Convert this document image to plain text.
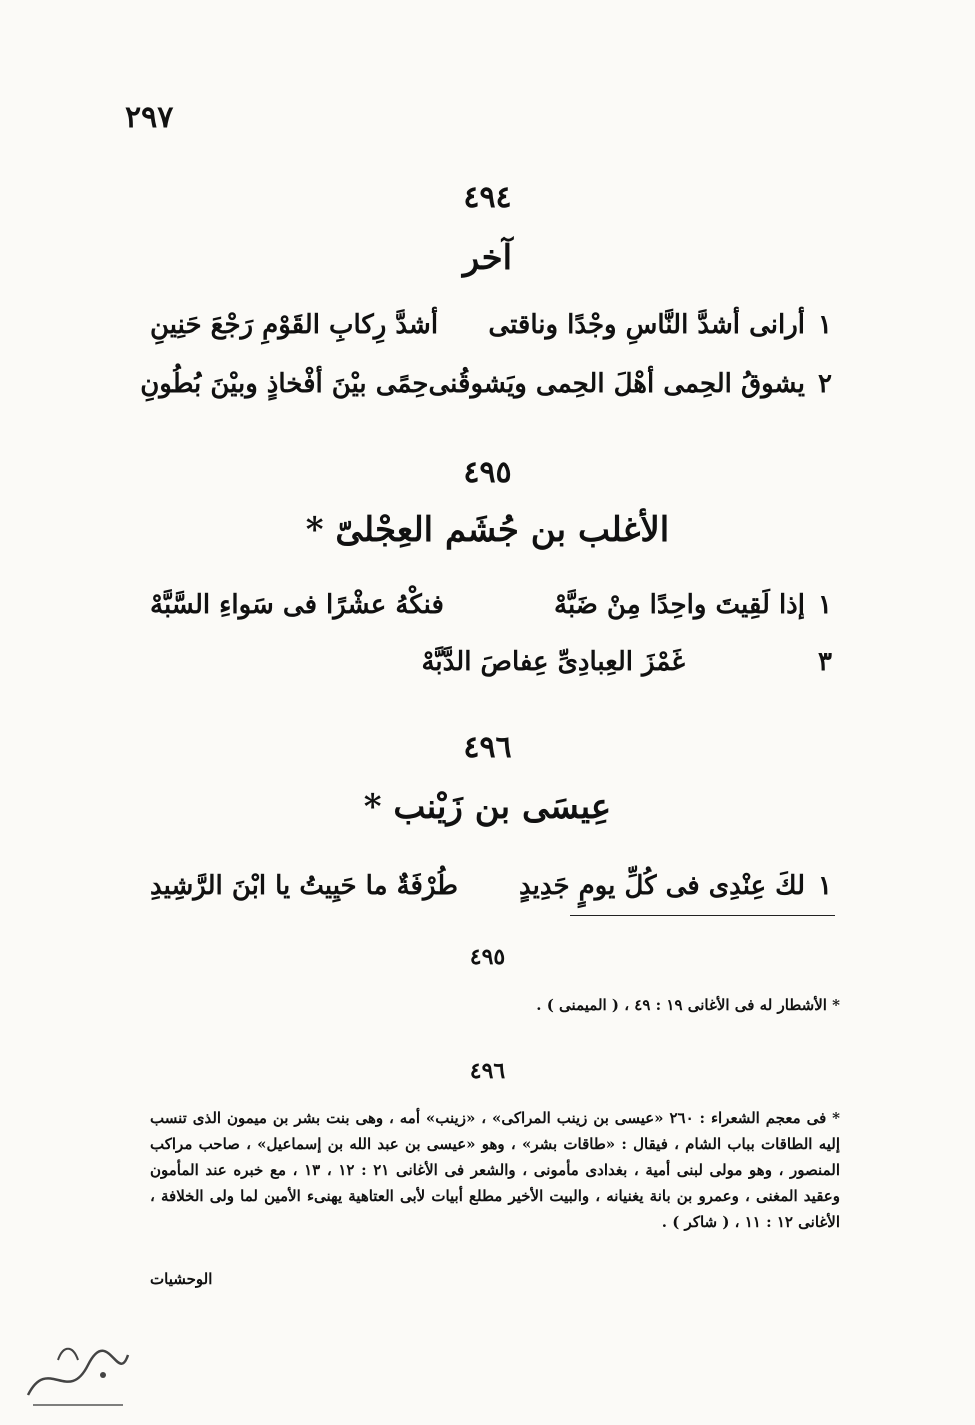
٢٩٧
٤٩٤
آخر
١
أرانى أشدَّ النَّاسِ وجْدًا وناقتى
أشدَّ رِكابِ القَوْمِ رَجْعَ حَنِينِ
٢
يشوقُ الحِمى أهْلَ الحِمى ويَشوقُنى
حِمًى بيْنَ أفْخاذٍ وبيْنَ بُطُونِ
٤٩٥
الأغلب بن جُشَم العِجْلىّ *
١
إذا لَقِيتَ واحِدًا مِنْ ضَبَّهْ
فنكْهُ عشْرًا فى سَواءِ السَّبَّهْ
٣
غَمْزَ العِبادِىِّ عِفاصَ الدَّبَّهْ
٤٩٦
عِيسَى بن زَيْنب *
١
لكَ عِنْدِى فى كُلِّ يومٍ جَدِيدٍ
طُرْفَةٌ ما حَيِيتُ يا ابْنَ الرَّشِيدِ
٤٩٥
* الأشطار له فى الأغانى ١٩ : ٤٩ ، ( الميمنى ) .
٤٩٦
* فى معجم الشعراء : ٢٦٠ «عيسى بن زينب المراكى» ، «زينب» أمه ، وهى بنت بشر بن ميمون الذى تنسب إليه الطاقات بباب الشام ، فيقال : «طاقات بشر» ، وهو «عيسى بن عبد الله بن إسماعيل» ، صاحب مراكب المنصور ، وهو مولى لبنى أمية ، بغدادى مأمونى ، والشعر فى الأغانى ٢١ : ١٢ ، ١٣ ، مع خبره عند المأمون وعقيد المغنى ، وعمرو بن بانة يغنيانه ، والبيت الأخير مطلع أبيات لأبى العتاهية يهنىء الأمين لما ولى الخلافة ، الأغانى ١٢ : ١١ ، ( شاكر ) .
الوحشيات
